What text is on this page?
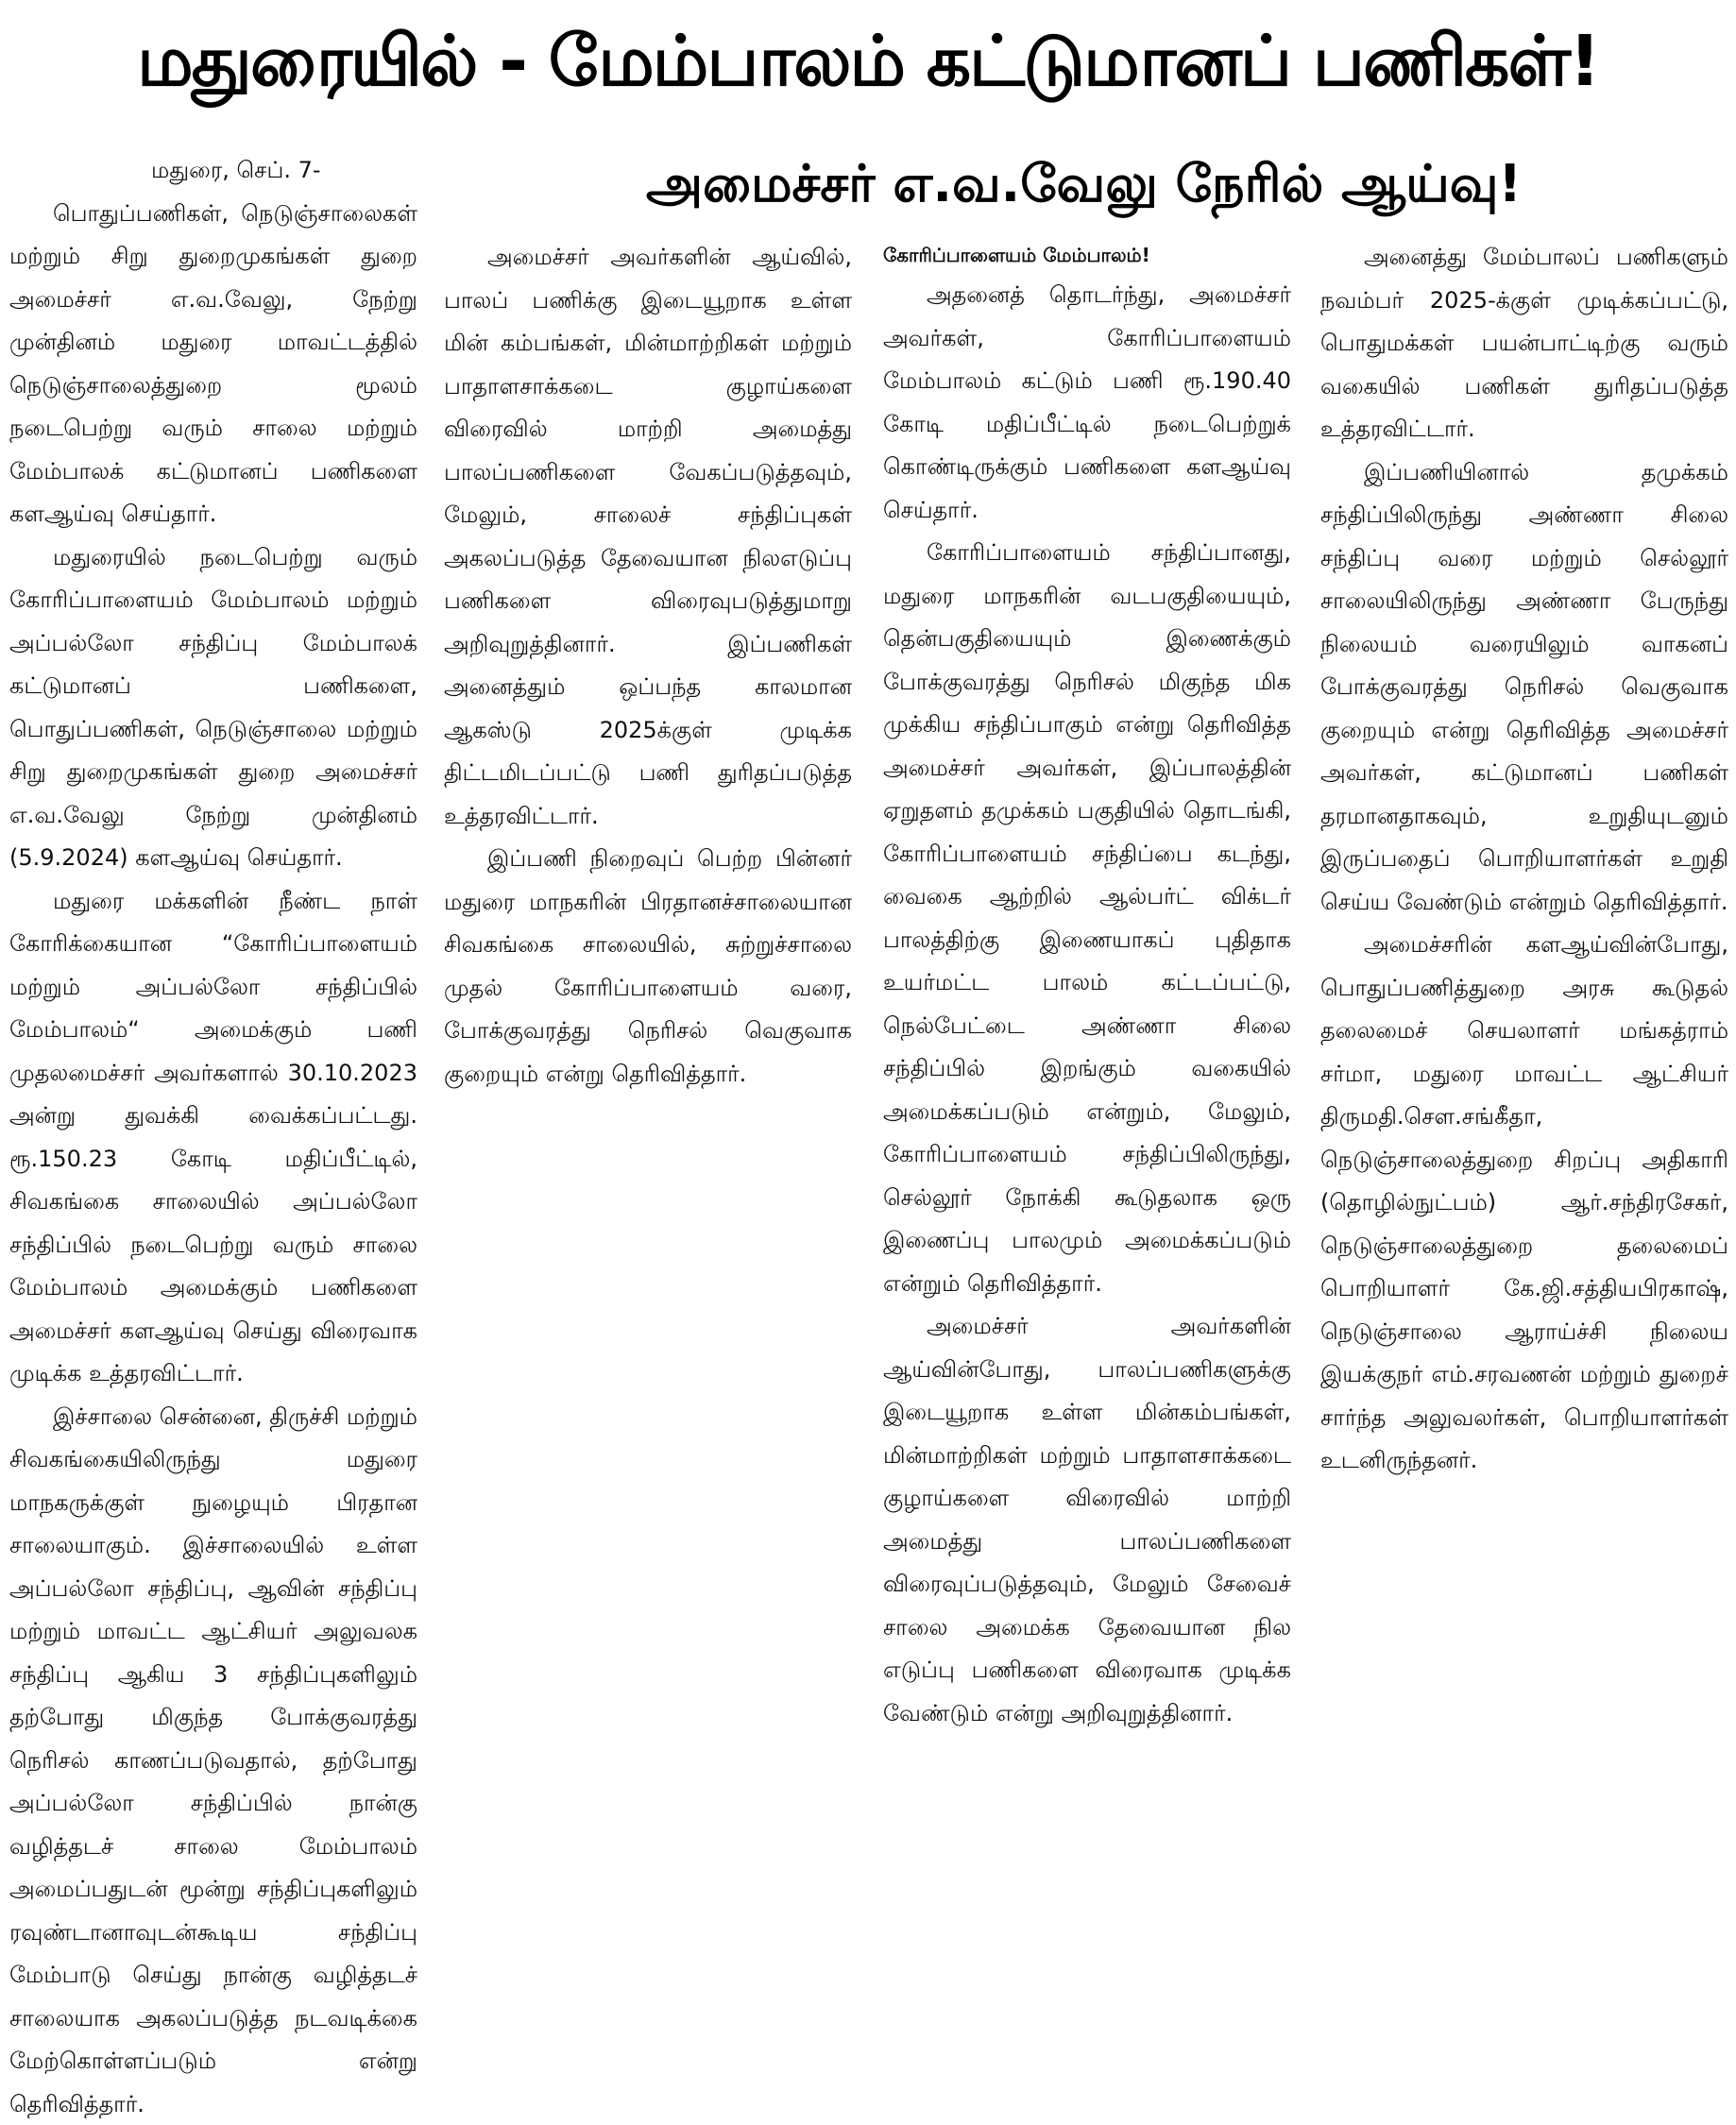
மதுரையில் - மேம்பாலம் கட்டுமானப் பணிகள்!
அமைச்சர் எ.வ.வேலு நேரில் ஆய்வு!

மதுரை, செப். 7-

பொதுப்பணிகள், நெடுஞ்சாலைகள் மற்றும் சிறு துறைமுகங்கள் துறை அமைச்சர் எ.வ.வேலு, நேற்று முன்தினம் மதுரை மாவட்டத்தில் நெடுஞ்சாலைத்துறை மூலம் நடைபெற்று வரும் சாலை மற்றும் மேம்பாலக் கட்டுமானப் பணிகளை களஆய்வு செய்தார்.

மதுரையில் நடைபெற்று வரும் கோரிப்பாளையம் மேம்பாலம் மற்றும் அப்பல்லோ சந்திப்பு மேம்பாலக் கட்டுமானப் பணிகளை, பொதுப்பணிகள், நெடுஞ்சாலை மற்றும் சிறு துறைமுகங்கள் துறை அமைச்சர் எ.வ.வேலு நேற்று முன்தினம் (5.9.2024) களஆய்வு செய்தார்.

மதுரை மக்களின் நீண்ட நாள் கோரிக்கையான “கோரிப்பாளையம் மற்றும் அப்பல்லோ சந்திப்பில் மேம்பாலம்“ அமைக்கும் பணி முதலமைச்சர் அவர்களால் 30.10.2023 அன்று துவக்கி வைக்கப்பட்டது. ரூ.150.23 கோடி மதிப்பீட்டில், சிவகங்கை சாலையில் அப்பல்லோ சந்திப்பில் நடைபெற்று வரும் சாலை மேம்பாலம் அமைக்கும் பணிகளை அமைச்சர் களஆய்வு செய்து விரைவாக முடிக்க உத்தரவிட்டார்.

இச்சாலை சென்னை, திருச்சி மற்றும் சிவகங்கையிலிருந்து மதுரை மாநகருக்குள் நுழையும் பிரதான சாலையாகும். இச்சாலையில் உள்ள அப்பல்லோ சந்திப்பு, ஆவின் சந்திப்பு மற்றும் மாவட்ட ஆட்சியர் அலுவலக சந்திப்பு ஆகிய 3 சந்திப்புகளிலும் தற்போது மிகுந்த போக்குவரத்து நெரிசல் காணப்படுவதால், தற்போது அப்பல்லோ சந்திப்பில் நான்கு வழித்தடச் சாலை மேம்பாலம் அமைப்பதுடன் மூன்று சந்திப்புகளிலும் ரவுண்டானாவுடன்கூடிய சந்திப்பு மேம்பாடு செய்து நான்கு வழித்தடச் சாலையாக அகலப்படுத்த நடவடிக்கை மேற்கொள்ளப்படும் என்று தெரிவித்தார்.

அமைச்சர் அவர்களின் ஆய்வில், பாலப் பணிக்கு இடையூறாக உள்ள மின் கம்பங்கள், மின்மாற்றிகள் மற்றும் பாதாளசாக்கடை குழாய்களை விரைவில் மாற்றி அமைத்து பாலப்பணிகளை வேகப்படுத்தவும், மேலும், சாலைச் சந்திப்புகள் அகலப்படுத்த தேவையான நிலஎடுப்பு பணிகளை விரைவுபடுத்துமாறு அறிவுறுத்தினார். இப்பணிகள் அனைத்தும் ஒப்பந்த காலமான ஆகஸ்டு 2025க்குள் முடிக்க திட்டமிடப்பட்டு பணி துரிதப்படுத்த உத்தரவிட்டார்.

இப்பணி நிறைவுப் பெற்ற பின்னர் மதுரை மாநகரின் பிரதானச்சாலையான சிவகங்கை சாலையில், சுற்றுச்சாலை முதல் கோரிப்பாளையம் வரை, போக்குவரத்து நெரிசல் வெகுவாக குறையும் என்று தெரிவித்தார்.

கோரிப்பாளையம் மேம்பாலம்!

அதனைத் தொடர்ந்து, அமைச்சர் அவர்கள், கோரிப்பாளையம் மேம்பாலம் கட்டும் பணி ரூ.190.40 கோடி மதிப்பீட்டில் நடைபெற்றுக் கொண்டிருக்கும் பணிகளை களஆய்வு செய்தார்.

கோரிப்பாளையம் சந்திப்பானது, மதுரை மாநகரின் வடபகுதியையும், தென்பகுதியையும் இணைக்கும் போக்குவரத்து நெரிசல் மிகுந்த மிக முக்கிய சந்திப்பாகும் என்று தெரிவித்த அமைச்சர் அவர்கள், இப்பாலத்தின் ஏறுதளம் தமுக்கம் பகுதியில் தொடங்கி, கோரிப்பாளையம் சந்திப்பை கடந்து, வைகை ஆற்றில் ஆல்பர்ட் விக்டர் பாலத்திற்கு இணையாகப் புதிதாக உயர்மட்ட பாலம் கட்டப்பட்டு, நெல்பேட்டை அண்ணா சிலை சந்திப்பில் இறங்கும் வகையில் அமைக்கப்படும் என்றும், மேலும், கோரிப்பாளையம் சந்திப்பிலிருந்து, செல்லூர் நோக்கி கூடுதலாக ஒரு இணைப்பு பாலமும் அமைக்கப்படும் என்றும் தெரிவித்தார்.

அமைச்சர் அவர்களின் ஆய்வின்போது, பாலப்பணிகளுக்கு இடையூறாக உள்ள மின்கம்பங்கள், மின்மாற்றிகள் மற்றும் பாதாளசாக்கடை குழாய்களை விரைவில் மாற்றி அமைத்து பாலப்பணிகளை விரைவுப்படுத்தவும், மேலும் சேவைச் சாலை அமைக்க தேவையான நில எடுப்பு பணிகளை விரைவாக முடிக்க வேண்டும் என்று அறிவுறுத்தினார்.

அனைத்து மேம்பாலப் பணிகளும் நவம்பர் 2025-க்குள் முடிக்கப்பட்டு, பொதுமக்கள் பயன்பாட்டிற்கு வரும் வகையில் பணிகள் துரிதப்படுத்த உத்தரவிட்டார்.

இப்பணியினால் தமுக்கம் சந்திப்பிலிருந்து அண்ணா சிலை சந்திப்பு வரை மற்றும் செல்லூர் சாலையிலிருந்து அண்ணா பேருந்து நிலையம் வரையிலும் வாகனப் போக்குவரத்து நெரிசல் வெகுவாக குறையும் என்று தெரிவித்த அமைச்சர் அவர்கள், கட்டுமானப் பணிகள் தரமானதாகவும், உறுதியுடனும் இருப்பதைப் பொறியாளர்கள் உறுதி செய்ய வேண்டும் என்றும் தெரிவித்தார்.

அமைச்சரின் களஆய்வின்போது, பொதுப்பணித்துறை அரசு கூடுதல் தலைமைச் செயலாளர் மங்கத்ராம் சர்மா, மதுரை மாவட்ட ஆட்சியர் திருமதி.சௌ.சங்கீதா, நெடுஞ்சாலைத்துறை சிறப்பு அதிகாரி (தொழில்நுட்பம்) ஆர்.சந்திரசேகர், நெடுஞ்சாலைத்துறை தலைமைப் பொறியாளர் கே.ஜி.சத்தியபிரகாஷ், நெடுஞ்சாலை ஆராய்ச்சி நிலைய இயக்குநர் எம்.சரவணன் மற்றும் துறைச் சார்ந்த அலுவலர்கள், பொறியாளர்கள் உடனிருந்தனர்.
